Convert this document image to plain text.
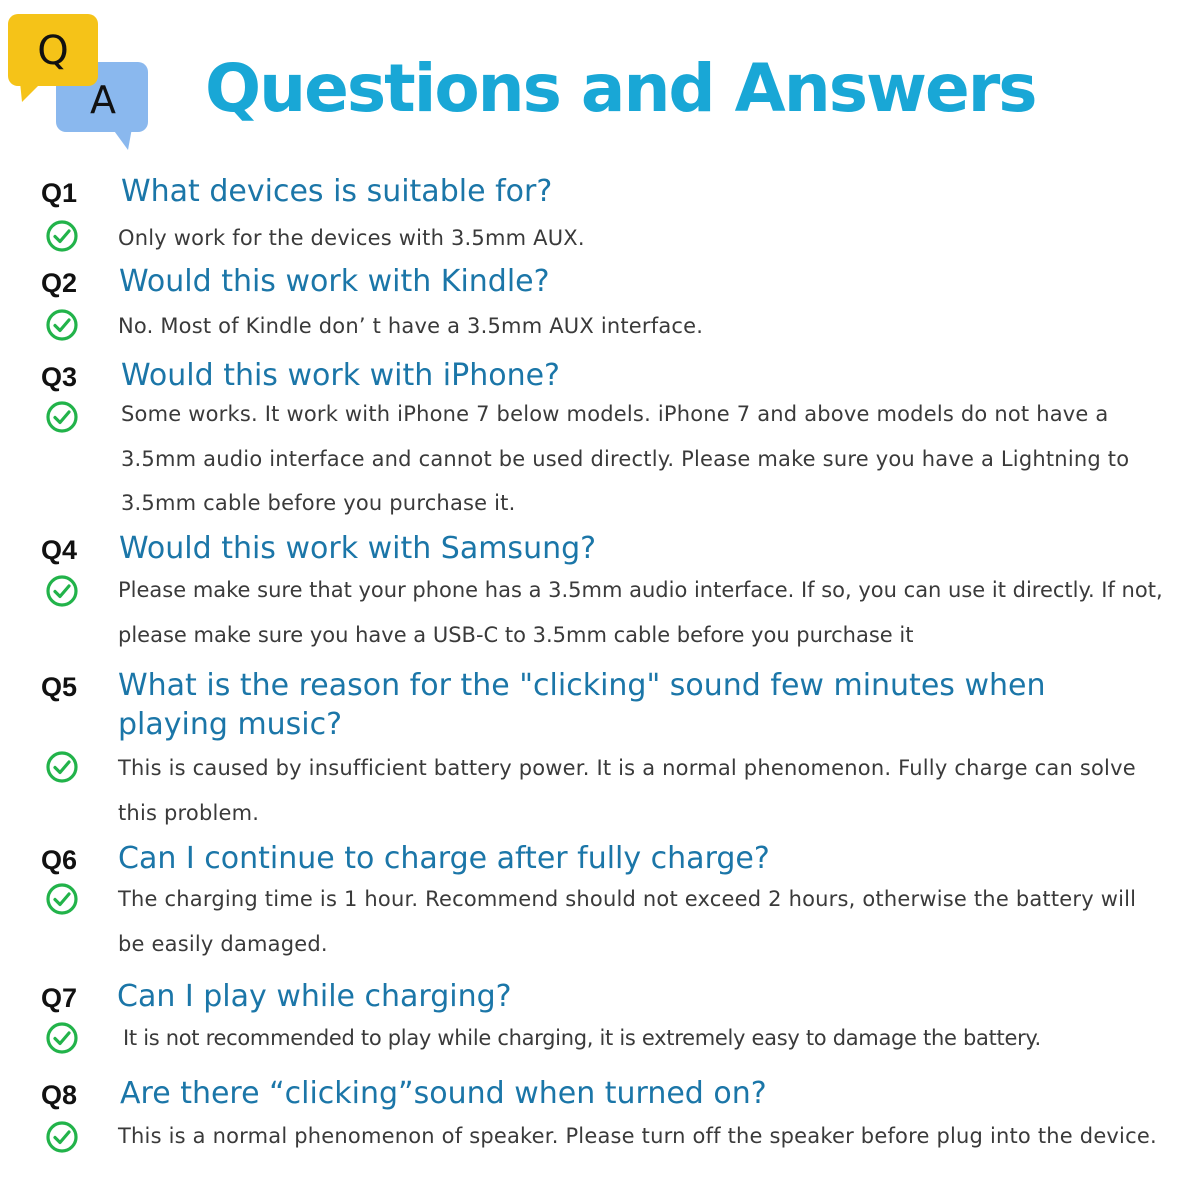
Q
A Questions and Answers
Q1 What devices is suitable for?
Only work for the devices with 3.5mm AUX.
Q2 Would this work with Kindle?
No. Most of Kindle don’ t have a 3.5mm AUX interface.
Q3 Would this work with iPhone?
Some works. It work with iPhone 7 below models. iPhone 7 and above models do not have a 3.5mm audio interface and cannot be used directly. Please make sure you have a Lightning to 3.5mm cable before you purchase it.
Q4 Would this work with Samsung?
Please make sure that your phone has a 3.5mm audio interface. If so, you can use it directly. If not, please make sure you have a USB-C to 3.5mm cable before you purchase it
Q5 What is the reason for the "clicking" sound few minutes when playing music?
This is caused by insufficient battery power. It is a normal phenomenon. Fully charge can solve this problem.
Q6 Can I continue to charge after fully charge?
The charging time is 1 hour. Recommend should not exceed 2 hours, otherwise the battery will be easily damaged.
Q7 Can I play while charging?
It is not recommended to play while charging, it is extremely easy to damage the battery.
Q8 Are there “clicking”sound when turned on?
This is a normal phenomenon of speaker. Please turn off the speaker before plug into the device.
